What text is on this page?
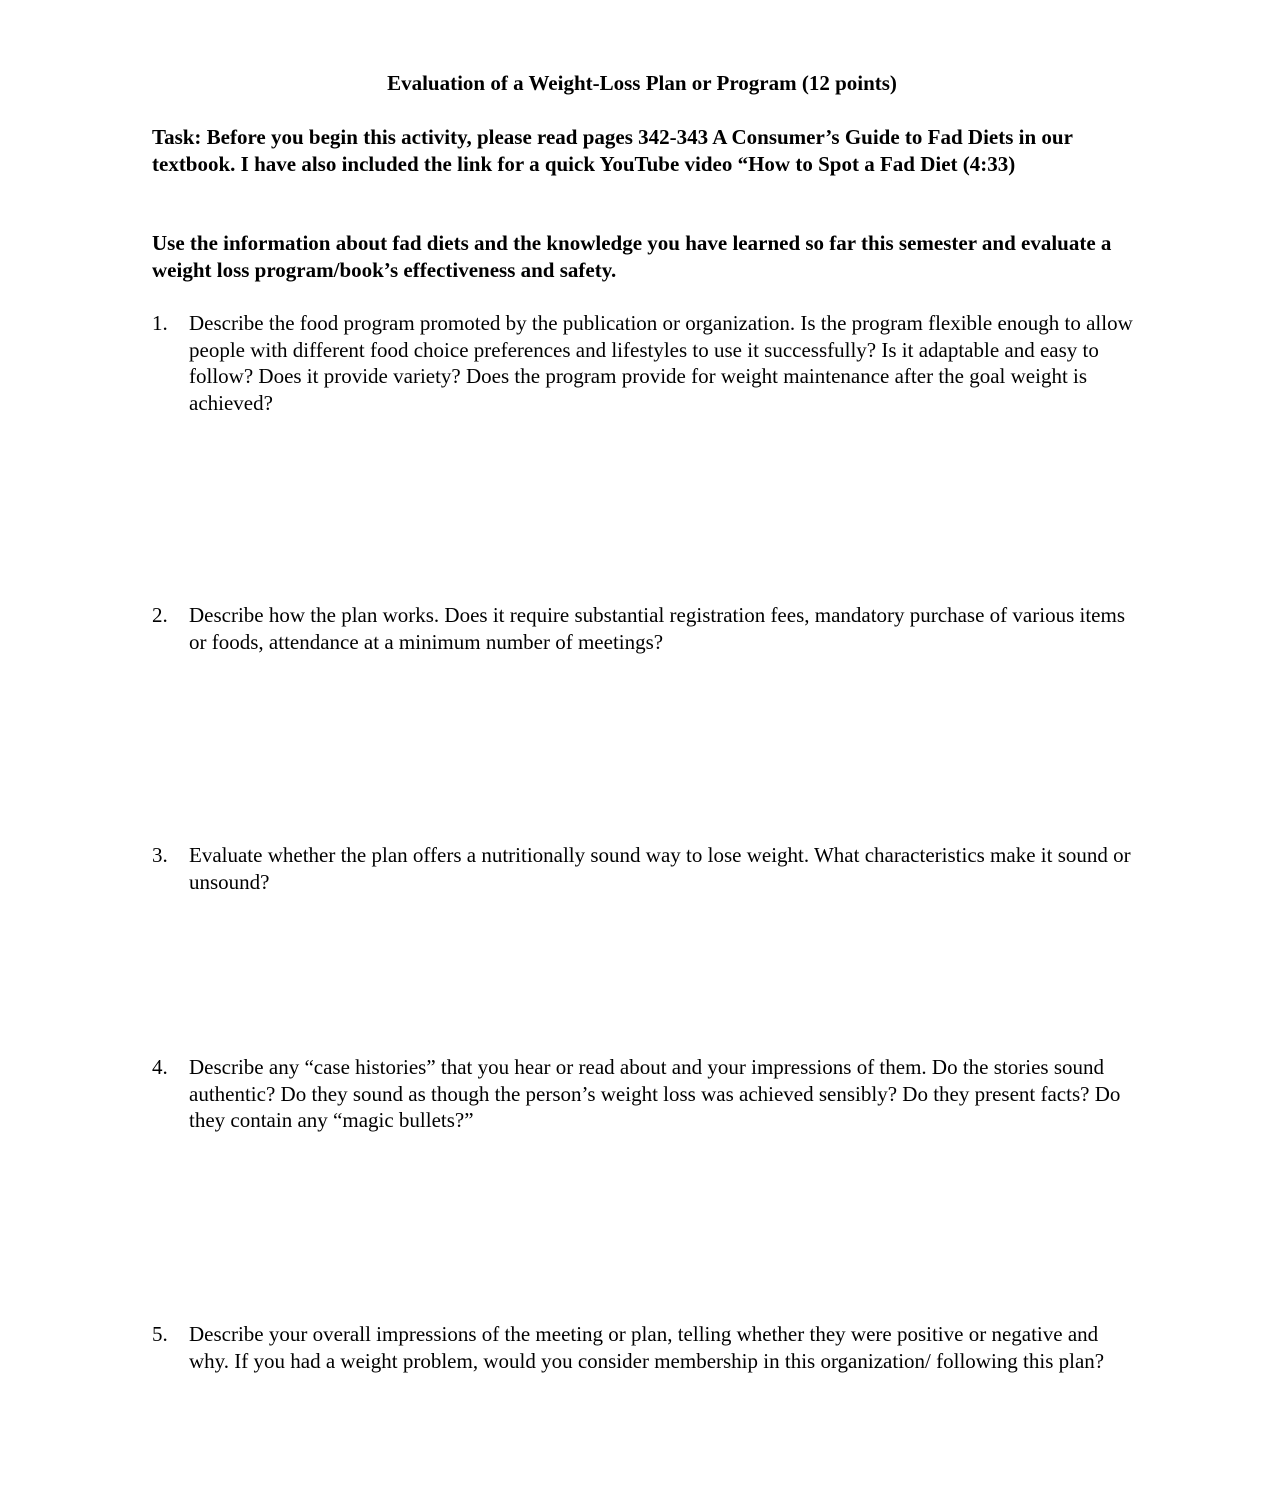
Evaluation of a Weight-Loss Plan or Program (12 points)
Task: Before you begin this activity, please read pages 342-343 A Consumer’s Guide to Fad Diets in our textbook. I have also included the link for a quick YouTube video “How to Spot a Fad Diet (4:33)
Use the information about fad diets and the knowledge you have learned so far this semester and evaluate a weight loss program/book’s effectiveness and safety.
1.	Describe the food program promoted by the publication or organization. Is the program flexible enough to allow people with different food choice preferences and lifestyles to use it successfully? Is it adaptable and easy to follow? Does it provide variety? Does the program provide for weight maintenance after the goal weight is achieved?
2.	Describe how the plan works. Does it require substantial registration fees, mandatory purchase of various items or foods, attendance at a minimum number of meetings?
3.	Evaluate whether the plan offers a nutritionally sound way to lose weight. What characteristics make it sound or unsound?
4.	Describe any “case histories” that you hear or read about and your impressions of them. Do the stories sound authentic? Do they sound as though the person’s weight loss was achieved sensibly? Do they present facts? Do they contain any “magic bullets?”
5.	Describe your overall impressions of the meeting or plan, telling whether they were positive or negative and why. If you had a weight problem, would you consider membership in this organization/ following this plan?
